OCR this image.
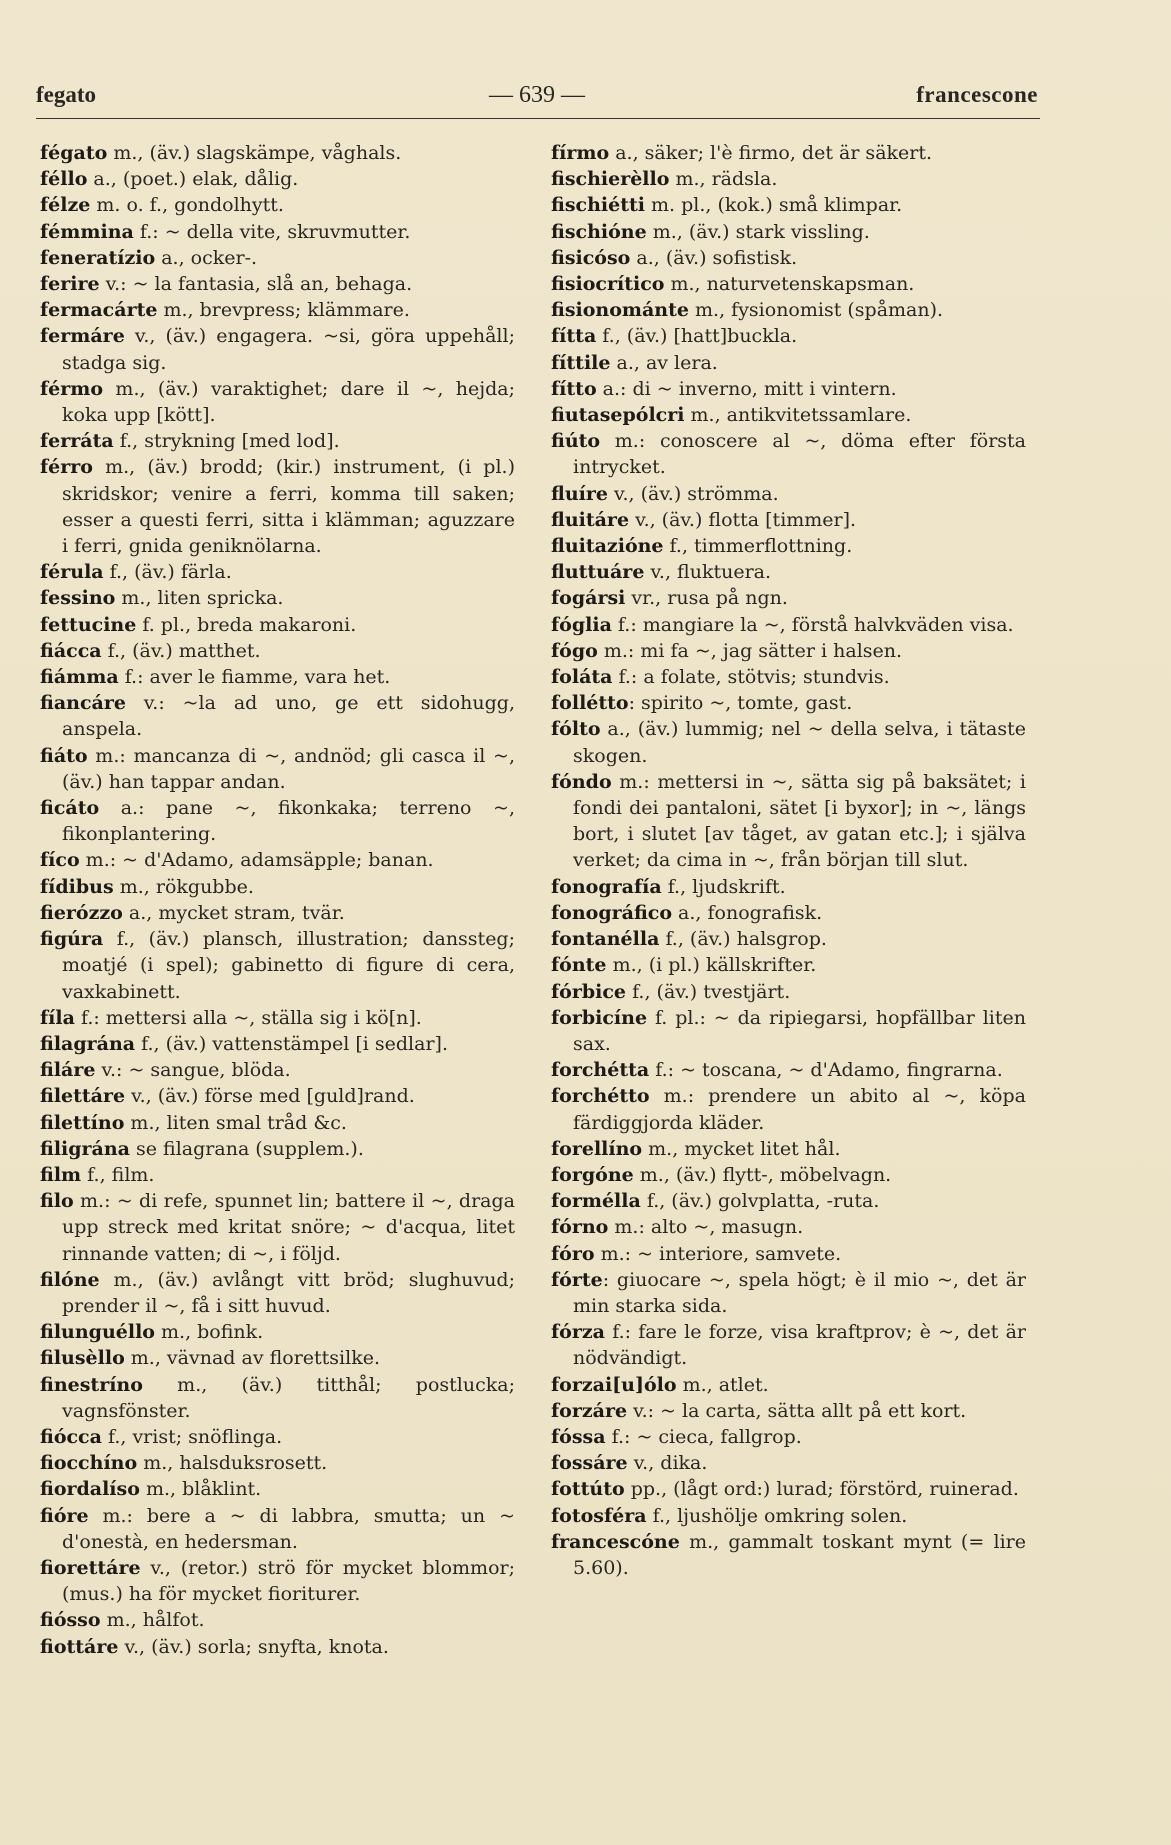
fegato	— 639 —	francescone

fégato m., (äv.) slagskämpe, våghals.

féllo a., (poet.) elak, dålig.

félze m. o. f., gondolhytt.

fémmina f.: ~ della vite, skruvmutter.

feneratízio a., ocker-.

ferire v.: ~ la fantasia, slå an, behaga.

fermacárte m., brevpress; klämmare.

fermáre v., (äv.) engagera. ~si, göra uppehåll; stadga sig.

férmo m., (äv.) varaktighet; dare il ~, hejda; koka upp [kött].

ferráta f., strykning [med lod].

férro m., (äv.) brodd; (kir.) instrument, (i pl.) skridskor; venire a ferri, komma till saken; esser a questi ferri, sitta i klämman; aguzzare i ferri, gnida geniknölarna.

férula f., (äv.) färla.

fessino m., liten spricka.

fettucine f. pl., breda makaroni.

fiácca f., (äv.) matthet.

fiámma f.: aver le fiamme, vara het.

fiancáre v.: ~la ad uno, ge ett sidohugg, anspela.

fiáto m.: mancanza di ~, andnöd; gli casca il ~, (äv.) han tappar andan.

ficáto a.: pane ~, fikonkaka; terreno ~, fikonplantering.

fíco m.: ~ d'Adamo, adamsäpple; banan.

fídibus m., rökgubbe.

fierózzo a., mycket stram, tvär.

figúra f., (äv.) plansch, illustration; danssteg; moatjé (i spel); gabinetto di figure di cera, vaxkabinett.

fíla f.: mettersi alla ~, ställa sig i kö[n].

filagrána f., (äv.) vattenstämpel [i sedlar].

filáre v.: ~ sangue, blöda.

filettáre v., (äv.) förse med [guld]rand.

filettíno m., liten smal tråd &c.

filigrána se filagrana (supplem.).

film f., film.

filo m.: ~ di refe, spunnet lin; battere il ~, draga upp streck med kritat snöre; ~ d'acqua, litet rinnande vatten; di ~, i följd.

filóne m., (äv.) avlångt vitt bröd; slughuvud; prender il ~, få i sitt huvud.

filunguéllo m., bofink.

filusèllo m., vävnad av florettsilke.

finestríno m., (äv.) titthål; postlucka; vagnsfönster.

fiócca f., vrist; snöflinga.

fiocchíno m., halsduksrosett.

fiordalíso m., blåklint.

fióre m.: bere a ~ di labbra, smutta; un ~ d'onestà, en hedersman.

fiorettáre v., (retor.) strö för mycket blommor; (mus.) ha för mycket fioriturer.

fiósso m., hålfot.

fiottáre v., (äv.) sorla; snyfta, knota.

fírmo a., säker; l'è firmo, det är säkert.

fischierèllo m., rädsla.

fischiétti m. pl., (kok.) små klimpar.

fischióne m., (äv.) stark vissling.

fisicóso a., (äv.) sofistisk.

fisiocrítico m., naturvetenskapsman.

fisionománte m., fysionomist (spåman).

fítta f., (äv.) [hatt]buckla.

fíttile a., av lera.

fítto a.: di ~ inverno, mitt i vintern.

fiutasepólcri m., antikvitetssamlare.

fiúto m.: conoscere al ~, döma efter första intrycket.

fluíre v., (äv.) strömma.

fluitáre v., (äv.) flotta [timmer].

fluitazióne f., timmerflottning.

fluttuáre v., fluktuera.

fogársi vr., rusa på ngn.

fóglia f.: mangiare la ~, förstå halvkväden visa.

fógo m.: mi fa ~, jag sätter i halsen.

foláta f.: a folate, stötvis; stundvis.

follétto: spirito ~, tomte, gast.

fólto a., (äv.) lummig; nel ~ della selva, i tätaste skogen.

fóndo m.: mettersi in ~, sätta sig på baksätet; i fondi dei pantaloni, sätet [i byxor]; in ~, längs bort, i slutet [av tåget, av gatan etc.]; i själva verket; da cima in ~, från början till slut.

fonografía f., ljudskrift.

fonográfico a., fonografisk.

fontanélla f., (äv.) halsgrop.

fónte m., (i pl.) källskrifter.

fórbice f., (äv.) tvestjärt.

forbicíne f. pl.: ~ da ripiegarsi, hopfällbar liten sax.

forchétta f.: ~ toscana, ~ d'Adamo, fingrarna.

forchétto m.: prendere un abito al ~, köpa färdiggjorda kläder.

forellíno m., mycket litet hål.

forgóne m., (äv.) flytt-, möbelvagn.

formélla f., (äv.) golvplatta, -ruta.

fórno m.: alto ~, masugn.

fóro m.: ~ interiore, samvete.

fórte: giuocare ~, spela högt; è il mio ~, det är min starka sida.

fórza f.: fare le forze, visa kraftprov; è ~, det är nödvändigt.

forzai[u]ólo m., atlet.

forzáre v.: ~ la carta, sätta allt på ett kort.

fóssa f.: ~ cieca, fallgrop.

fossáre v., dika.

fottúto pp., (lågt ord:) lurad; förstörd, ruinerad.

fotosféra f., ljushölje omkring solen.

francescóne m., gammalt toskant mynt (= lire 5.60).
